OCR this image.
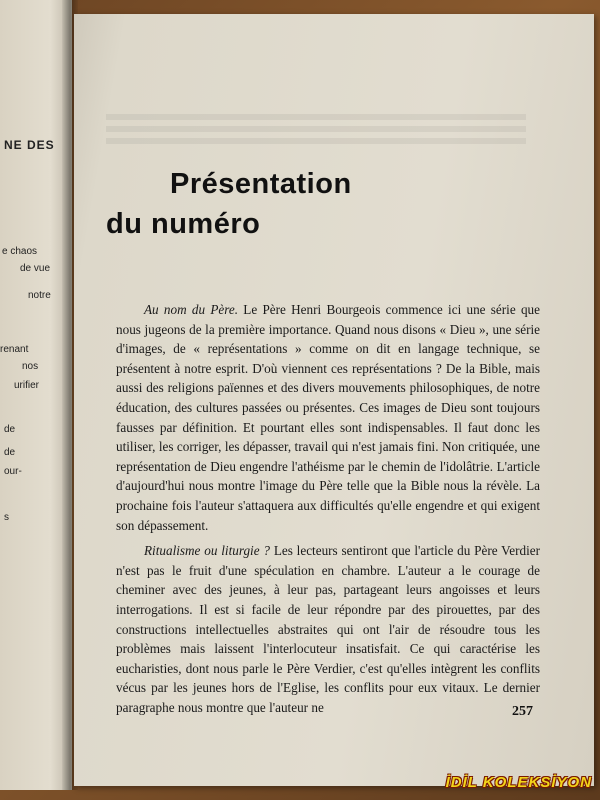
NE DES
e chaos
de vue
notre
renant
nos
urifier
de
de
our-
s
Présentation
du numéro

Au nom du Père. Le Père Henri Bourgeois commence ici une série que nous jugeons de la première importance. Quand nous disons « Dieu », une série d'images, de « représentations » comme on dit en langage technique, se présentent à notre esprit. D'où viennent ces représentations ? De la Bible, mais aussi des religions païennes et des divers mouvements philosophiques, de notre éducation, des cultures passées ou présentes. Ces images de Dieu sont toujours fausses par définition. Et pourtant elles sont indispensables. Il faut donc les utiliser, les corriger, les dépasser, travail qui n'est jamais fini. Non critiquée, une représentation de Dieu engendre l'athéisme par le chemin de l'idolâtrie. L'article d'aujourd'hui nous montre l'image du Père telle que la Bible nous la révèle. La prochaine fois l'auteur s'attaquera aux difficultés qu'elle engendre et qui exigent son dépassement.

Ritualisme ou liturgie ? Les lecteurs sentiront que l'article du Père Verdier n'est pas le fruit d'une spéculation en chambre. L'auteur a le courage de cheminer avec des jeunes, à leur pas, partageant leurs angoisses et leurs interrogations. Il est si facile de leur répondre par des pirouettes, par des constructions intellectuelles abstraites qui ont l'air de résoudre tous les problèmes mais laissent l'interlocuteur insatisfait. Ce qui caractérise les eucharisties, dont nous parle le Père Verdier, c'est qu'elles intègrent les conflits vécus par les jeunes hors de l'Eglise, les conflits pour eux vitaux. Le dernier paragraphe nous montre que l'auteur ne	257
İDİL KOLEKSİYON
